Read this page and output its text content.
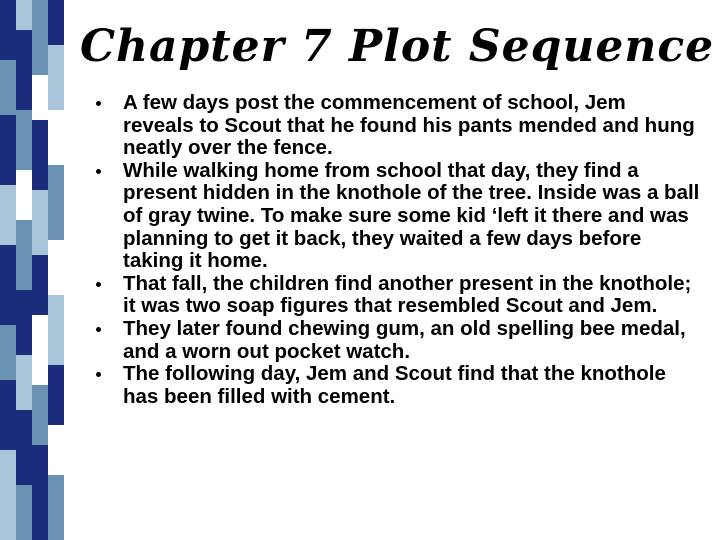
Chapter 7 Plot Sequence
A few days post the commencement of school, Jem reveals to Scout that he found his pants mended and hung neatly over the fence.
While walking home from school that day, they find a present hidden in the knothole of the tree. Inside was a ball of gray twine. To make sure some kid ‘left it there and was planning to get it back, they waited a few days before taking it home.
That fall, the children find another present in the knothole; it was two soap figures that resembled Scout and Jem.
They later found chewing gum, an old spelling bee medal, and a worn out pocket watch.
The following day, Jem and Scout find that the knothole has been filled with cement.
